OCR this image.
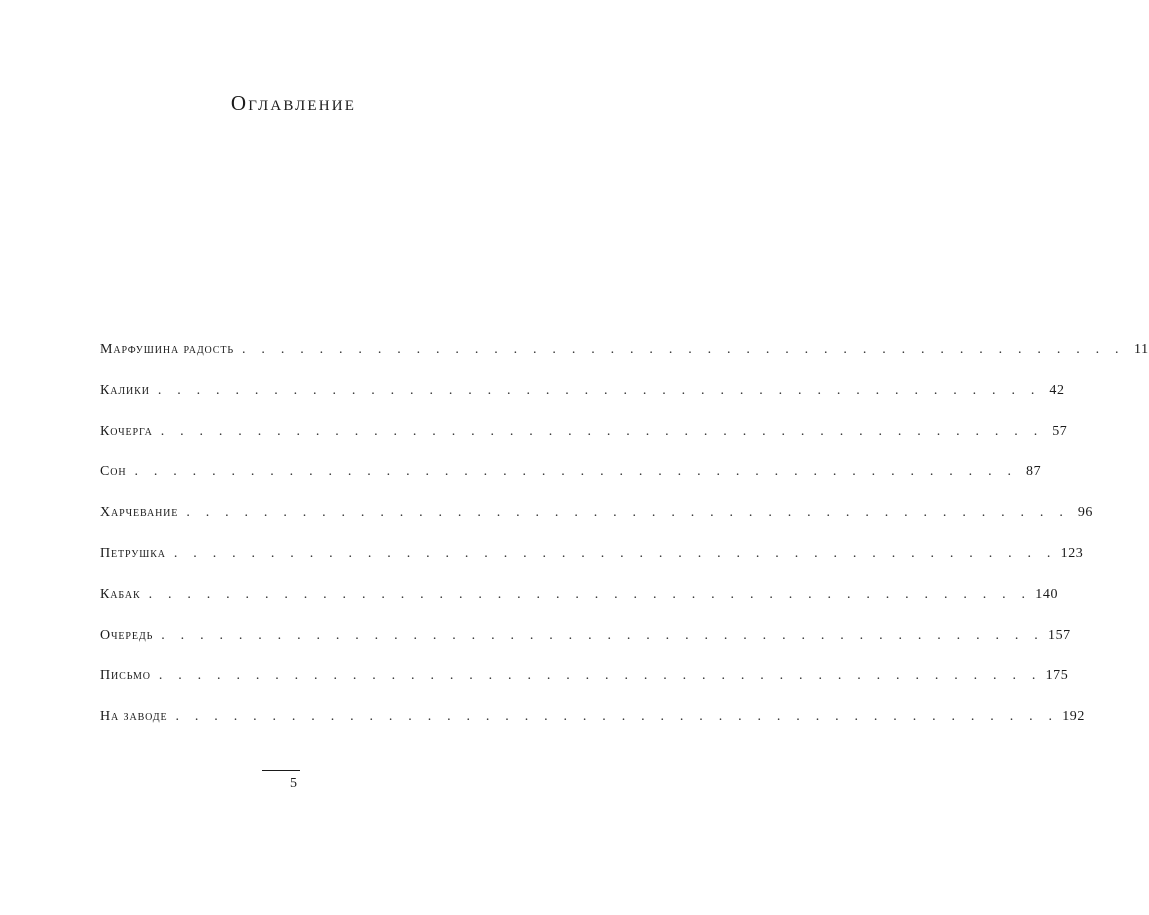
Оглавление
Марфушина радость . . . . . . . . . . . . . . . . . . . . . . . . . . . . . . . . . . . . . . . . . . . . . . 11
Калики . . . . . . . . . . . . . . . . . . . . . . . . . . . . . . . . . . . . . . . . . . . . . . 42
Кочерга . . . . . . . . . . . . . . . . . . . . . . . . . . . . . . . . . . . . . . . . . . . . . . 57
Сон . . . . . . . . . . . . . . . . . . . . . . . . . . . . . . . . . . . . . . . . . . . . . . 87
Харчевание . . . . . . . . . . . . . . . . . . . . . . . . . . . . . . . . . . . . . . . . . . . . . . 96
Петрушка . . . . . . . . . . . . . . . . . . . . . . . . . . . . . . . . . . . . . . . . . . . . . . 123
Кабак . . . . . . . . . . . . . . . . . . . . . . . . . . . . . . . . . . . . . . . . . . . . . . 140
Очередь . . . . . . . . . . . . . . . . . . . . . . . . . . . . . . . . . . . . . . . . . . . . . . 157
Письмо . . . . . . . . . . . . . . . . . . . . . . . . . . . . . . . . . . . . . . . . . . . . . . 175
На заводе . . . . . . . . . . . . . . . . . . . . . . . . . . . . . . . . . . . . . . . . . . . . . . 192
5
